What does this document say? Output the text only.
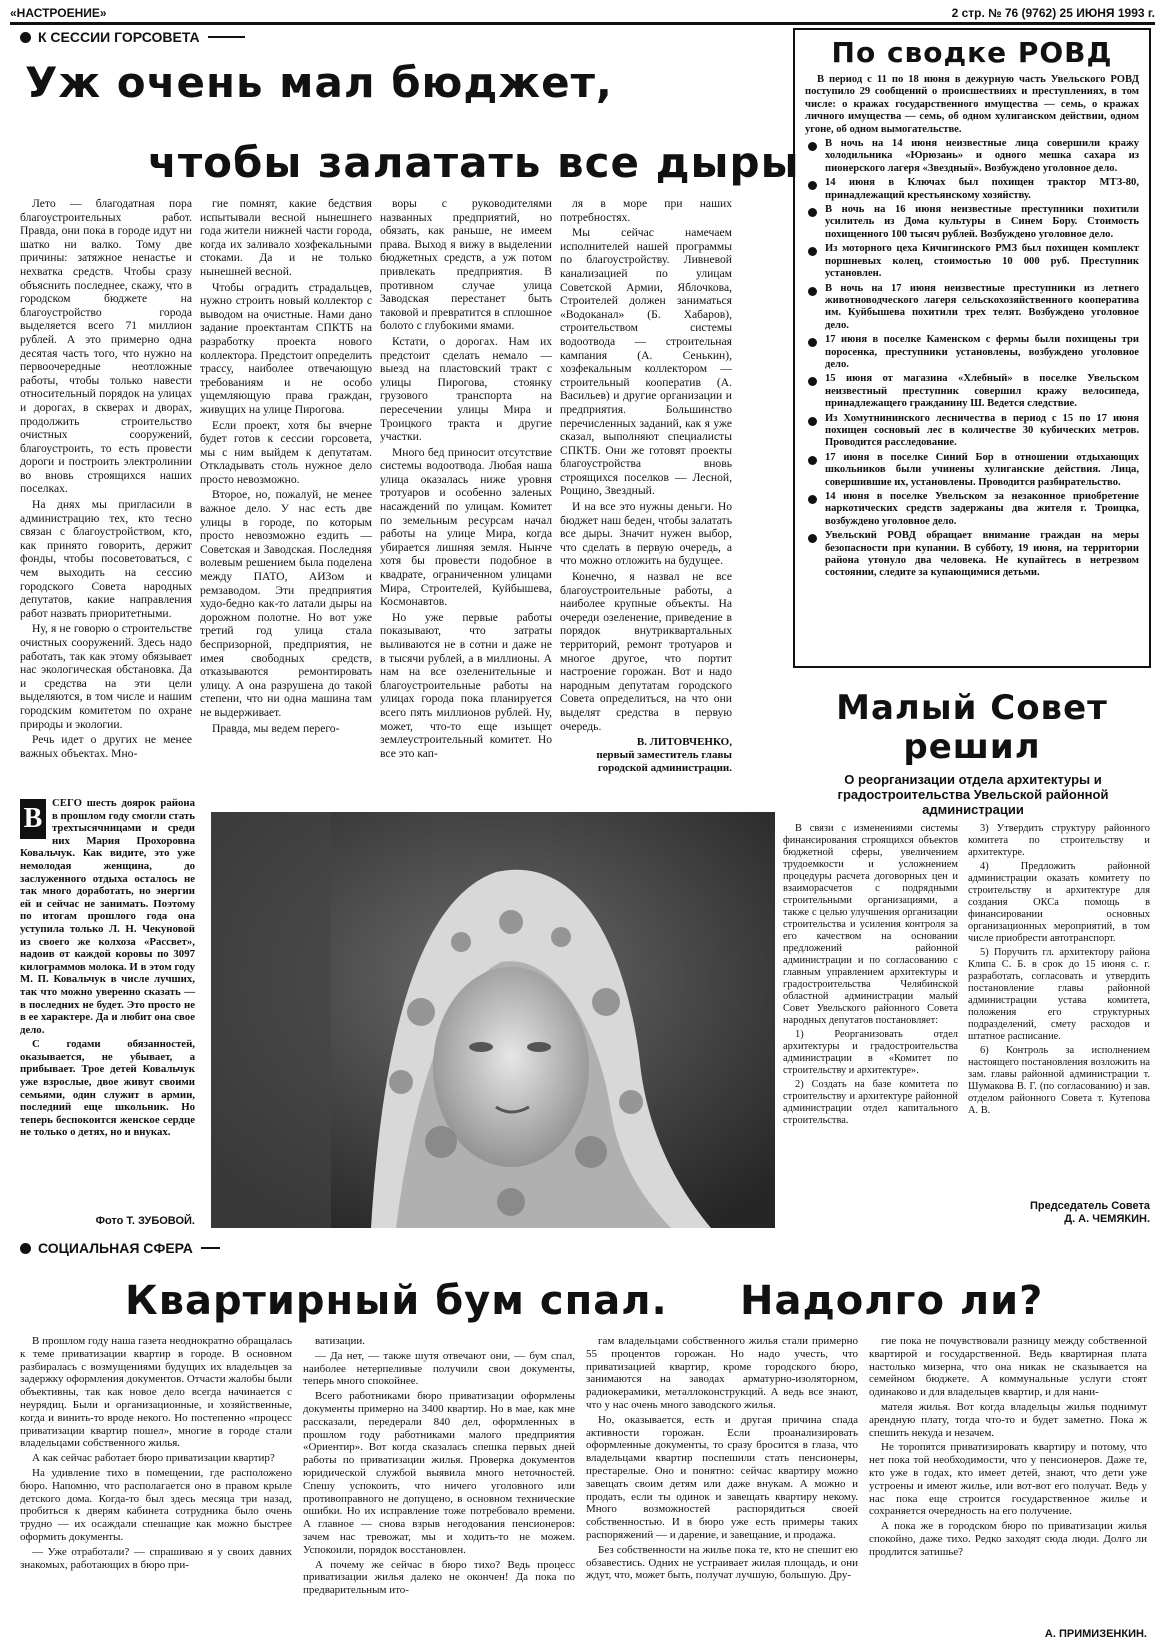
«НАСТРОЕНИЕ»	2 стр. № 76 (9762) 25 ИЮНЯ 1993 г.
К СЕССИИ ГОРСОВЕТА
Уж очень мал бюджет,
чтобы залатать все дыры

Лето — благодатная пора благоустроительных работ. Правда, они пока в городе идут ни шатко ни валко. Тому две причины: затяжное ненастье и нехватка средств. Чтобы сразу объяснить последнее, скажу, что в городском бюджете на благоустройство города выделяется всего 71 миллион рублей. А это примерно одна десятая часть того, что нужно на первоочередные неотложные работы, чтобы только навести относительный порядок на улицах и дорогах, в скверах и дворах, продолжить строительство очистных сооружений, благоустроить, то есть провести дороги и построить электролинии во вновь строящихся наших поселках.

На днях мы пригласили в администрацию тех, кто тесно связан с благоустройством, кто, как принято говорить, держит фонды, чтобы посоветоваться, с чем выходить на сессию городского Совета народных депутатов, какие направления работ назвать приоритетными.

Ну, я не говорю о строительстве очистных сооружений. Здесь надо работать, так как этому обязывает нас экологическая обстановка. Да и средства на эти цели выделяются, в том числе и нашим городским комитетом по охране природы и экологии.

Речь идет о других не менее важных объектах. Мно-

гие помнят, какие бедствия испытывали весной нынешнего года жители нижней части города, когда их заливало хозфекальными стоками. Да и не только нынешней весной.

Чтобы оградить страдальцев, нужно строить новый коллектор с выводом на очистные. Нами дано задание проектантам СПКТБ на разработку проекта нового коллектора. Предстоит определить трассу, наиболее отвечающую требованиям и не особо ущемляющую права граждан, живущих на улице Пирогова.

Если проект, хотя бы вчерне будет готов к сессии горсовета, мы с ним выйдем к депутатам. Откладывать столь нужное дело просто невозможно.

Второе, но, пожалуй, не менее важное дело. У нас есть две улицы в городе, по которым просто невозможно ездить — Советская и Заводская. Последняя волевым решением была поделена между ПАТО, АИЗом и ремзаводом. Эти предприятия худо-бедно как-то латали дыры на дорожном полотне. Но вот уже третий год улица стала беспризорной, предприятия, не имея свободных средств, отказываются ремонтировать улицу. А она разрушена до такой степени, что ни одна машина там не выдерживает.

Правда, мы ведем перего-

воры с руководителями названных предприятий, но обязать, как раньше, не имеем права. Выход я вижу в выделении бюджетных средств, а уж потом привлекать предприятия. В противном случае улица Заводская перестанет быть таковой и превратится в сплошное болото с глубокими ямами.

Кстати, о дорогах. Нам их предстоит сделать немало — выезд на пластовский тракт с улицы Пирогова, стоянку грузового транспорта на пересечении улицы Мира и Троицкого тракта и другие участки.

Много бед приносит отсутствие системы водоотвода. Любая наша улица оказалась ниже уровня тротуаров и особенно заленых насаждений по улицам. Комитет по земельным ресурсам начал работы на улице Мира, когда убирается лишняя земля. Нынче хотя бы провести подобное в квадрате, ограниченном улицами Мира, Строителей, Куйбышева, Космонавтов.

Но уже первые работы показывают, что затраты выливаются не в сотни и даже не в тысячи рублей, а в миллионы. А нам на все озеленительные и благоустроительные работы на улицах города пока планируется всего пять миллионов рублей. Ну, может, что-то еще изыщет землеустроительный комитет. Но все это кап-

ля в море при наших потребностях.

Мы сейчас намечаем исполнителей нашей программы по благоустройству. Ливневой канализацией по улицам Советской Армии, Яблочкова, Строителей должен заниматься «Водоканал» (Б. Хабаров), строительством системы водоотвода — строительная кампания (А. Сенькин), хозфекальным коллектором — строительный кооператив (А. Васильев) и другие организации и предприятия. Большинство перечисленных заданий, как я уже сказал, выполняют специалисты СПКТБ. Они же готовят проекты благоустройства вновь строящихся поселков — Лесной, Рощино, Звездный.

И на все это нужны деньги. Но бюджет наш беден, чтобы залатать все дыры. Значит нужен выбор, что сделать в первую очередь, а что можно отложить на будущее.

Конечно, я назвал не все благоустроительные работы, а наиболее крупные объекты. На очереди озеленение, приведение в порядок внутриквартальных территорий, ремонт тротуаров и многое другое, что портит настроение горожан. Вот и надо народным депутатам городского Совета определиться, на что они выделят средства в первую очередь.

В. ЛИТОВЧЕНКО,
первый заместитель главы городской администрации.
По сводке РОВД

В период с 11 по 18 июня в дежурную часть Увельского РОВД поступило 29 сообщений о происшествиях и преступлениях, в том числе: о кражах государственного имущества — семь, о кражах личного имущества — семь, об одном хулиганском действии, одном угоне, об одном вымогательстве.

В ночь на 14 июня неизвестные лица совершили кражу холодильника «Юрюзань» и одного мешка сахара из пионерского лагеря «Звездный». Возбуждено уголовное дело.
14 июня в Ключах был похищен трактор МТЗ-80, принадлежащий крестьянскому хозяйству.
В ночь на 16 июня неизвестные преступники похитили усилитель из Дома культуры в Синем Бору. Стоимость похищенного 100 тысяч рублей. Возбуждено уголовное дело.
Из моторного цеха Кичигинского РМЗ был похищен комплект поршневых колец, стоимостью 10 000 руб. Преступник установлен.
В ночь на 17 июня неизвестные преступники из летнего животноводческого лагеря сельскохозяйственного кооператива им. Куйбышева похитили трех телят. Возбуждено уголовное дело.
17 июня в поселке Каменском с фермы были похищены три поросенка, преступники установлены, возбуждено уголовное дело.
15 июня от магазина «Хлебный» в поселке Увельском неизвестный преступник совершил кражу велосипеда, принадлежащего гражданину Ш. Ведется следствие.
Из Хомутнининского лесничества в период с 15 по 17 июня похищен сосновый лес в количестве 30 кубических метров. Проводится расследование.
17 июня в поселке Синий Бор в отношении отдыхающих школьников были учинены хулиганские действия. Лица, совершившие их, установлены. Проводится разбирательство.
14 июня в поселке Увельском за незаконное приобретение наркотических средств задержаны два жителя г. Троицка, возбуждено уголовное дело.
Увельский РОВД обращает внимание граждан на меры безопасности при купании. В субботу, 19 июня, на территории района утонуло два человека. Не купайтесь в нетрезвом состоянии, следите за купающимися детьми.
Малый Совет
решил
О реорганизации отдела архитектуры и градостроительства Увельской районной администрации

В связи с изменениями системы финансирования строящихся объектов бюджетной сферы, увеличением трудоемкости и усложнением процедуры расчета договорных цен и взаиморасчетов с подрядными строительными организациями, а также с целью улучшения организации строительства и усиления контроля за его качеством на основании предложений районной администрации и по согласованию с главным управлением архитектуры и градостроительства Челябинской областной администрации малый Совет Увельского районного Совета народных депутатов постановляет:

1) Реорганизовать отдел архитектуры и градостроительства администрации в «Комитет по строительству и архитектуре».

2) Создать на базе комитета по строительству и архитектуре районной администрации отдел капитального строительства.

3) Утвердить структуру районного комитета по строительству и архитектуре.

4) Предложить районной администрации оказать комитету по строительству и архитектуре для создания ОКСа помощь в финансировании основных организационных мероприятий, в том числе приобрести автотранспорт.

5) Поручить гл. архитектору района Клипа С. Б. в срок до 15 июня с. г. разработать, согласовать и утвердить постановление главы районной администрации устава комитета, положения его структурных подразделений, смету расходов и штатное расписание.

6) Контроль за исполнением настоящего постановления возложить на зам. главы районной администрации т. Шумакова В. Г. (по согласованию) и зав. отделом районного Совета т. Кутепова А. В.

Председатель Совета
Д. А. ЧЕМЯКИН.
В СЕГО шесть доярок района в прошлом году смогли стать трехтысячницами и среди них Мария Прохоровна Ковальчук. Как видите, это уже немолодая женщина, до заслуженного отдыха осталось не так много доработать, но энергии ей и сейчас не занимать. Поэтому по итогам прошлого года она уступила только Л. Н. Чекуновой из своего же колхоза «Рассвет», надоив от каждой коровы по 3097 килограммов молока. И в этом году М. П. Ковальчук в числе лучших, так что можно уверенно сказать — в последних не будет. Это просто не в ее характере. Да и любит она свое дело.

С годами обязанностей, оказывается, не убывает, а прибывает. Трое детей Ковальчук уже взрослые, двое живут своими семьями, один служит в армии, последний еще школьник. Но теперь беспокоится женское сердце не только о детях, но и внуках.

Фото Т. ЗУБОВОЙ.
СОЦИАЛЬНАЯ СФЕРА
Квартирный бум спал. Надолго ли?

В прошлом году наша газета неоднократно обращалась к теме приватизации квартир в городе. В основном разбиралась с возмущениями будущих их владельцев за задержку оформления документов. Отчасти жалобы были объективны, так как новое дело всегда начинается с неурядиц. Были и организационные, и хозяйственные, когда и винить-то вроде некого. Но постепенно «процесс приватизации квартир пошел», многие в городе стали владельцами собственного жилья.

А как сейчас работает бюро приватизации квартир?

На удивление тихо в помещении, где расположено бюро. Напомню, что располагается оно в правом крыле детского дома. Когда-то был здесь месяца три назад, пробиться к дверям кабинета сотрудника было очень трудно — их осаждали спешащие как можно быстрее оформить документы.

— Уже отработали? — спрашиваю я у своих давних знакомых, работающих в бюро при-

ватизации.

— Да нет, — также шутя отвечают они, — бум спал, наиболее нетерпеливые получили свои документы, теперь много спокойнее.

Всего работниками бюро приватизации оформлены документы примерно на 3400 квартир. Но в мае, как мне рассказали, передеpали 840 дел, оформленных в прошлом году работниками малого предприятия «Ориентир». Вот когда сказалась спешка первых дней работы по приватизации жилья. Проверка документов юридической службой выявила много неточностей. Спешу успокоить, что ничего уголовного или противоправного не допущено, в основном технические ошибки. Но их исправление тоже потребовало времени. А главное — снова взрыв негодования пенсионеров: зачем нас тревожат, мы и ходить-то не можем. Успокоили, порядок восстановлен.

А почему же сейчас в бюро тихо? Ведь процесс приватизации жилья далеко не окончен! Да пока по предварительным ито-

гам владельцами собственного жилья стали примерно 55 процентов горожан. Но надо учесть, что приватизацией квартир, кроме городского бюро, занимаются на заводах арматурно-изоляторном, радиокерамики, металлоконструкций. А ведь все знают, что у нас очень много заводского жилья.

Но, оказывается, есть и другая причина спада активности горожан. Если проанализировать оформленные документы, то сразу бросится в глаза, что владельцами квартир поспешили стать пенсионеры, престарелые. Оно и понятно: сейчас квартиру можно завещать своим детям или даже внукам. А можно и продать, если ты одинок и завещать квартиру некому. Много возможностей распорядиться своей собственностью. И в бюро уже есть примеры таких распоряжений — и дарение, и завещание, и продажа.

Без собственности на жилье пока те, кто не спешит ею обзавестись. Одних не устраивает жилая площадь, и они ждут, что, может быть, получат лучшую, большую. Дру-

гие пока не почувствовали разницу между собственной квартирой и государственной. Ведь квартирная плата настолько мизерна, что она никак не сказывается на семейном бюджете. А коммунальные услуги стоят одинаково и для владельцев квартир, и для нани-

мателя жилья. Вот когда владельцы жилья поднимут арендную плату, тогда что-то и будет заметно. Пока ж спешить некуда и незачем.

Не торопятся приватизировать квартиру и потому, что нет пока той необходимости, что у пенсионеров. Даже те, кто уже в годах, кто имеет детей, знают, что дети уже устроены и имеют жилье, или вот-вот его получат. Ведь у нас пока еще строится государственное жилье и сохраняется очередность на его получение.

А пока же в городском бюро по приватизации жилья спокойно, даже тихо. Редко заходят сюда люди. Долго ли продлится затишье?

А. ПРИМИЗЕНКИН.
